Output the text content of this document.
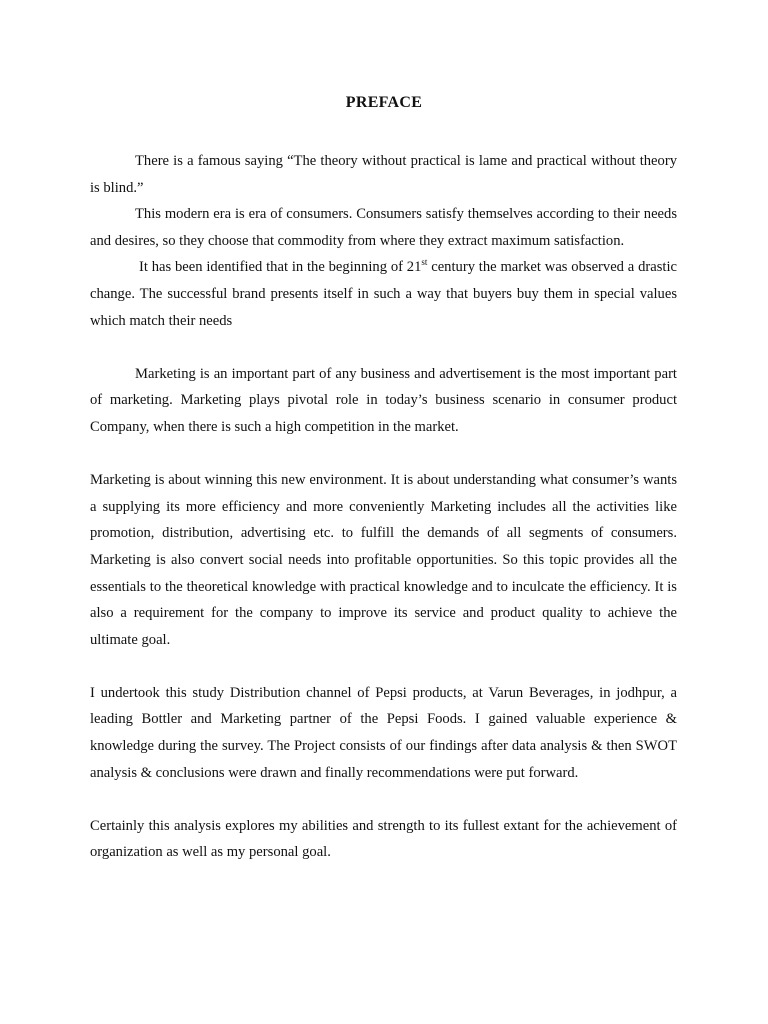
PREFACE

There is a famous saying “The theory without practical is lame and practical without theory is blind.”

This modern era is era of consumers. Consumers satisfy themselves according to their needs and desires, so they choose that commodity from where they extract maximum satisfaction.

It has been identified that in the beginning of 21st century the market was observed a drastic change. The successful brand presents itself in such a way that buyers buy them in special values which match their needs

Marketing is an important part of any business and advertisement is the most important part of marketing. Marketing plays pivotal role in today’s business scenario in consumer product Company, when there is such a high competition in the market.

Marketing is about winning this new environment. It is about understanding what consumer’s wants a supplying its more efficiency and more conveniently Marketing includes all the activities like promotion, distribution, advertising etc. to fulfill the demands of all segments of consumers. Marketing is also convert social needs into profitable opportunities. So this topic provides all the essentials to the theoretical knowledge with practical knowledge and to inculcate the efficiency. It is also a requirement for the company to improve its service and product quality to achieve the ultimate goal.

I undertook this study Distribution channel of Pepsi products, at Varun Beverages, in jodhpur, a leading Bottler and Marketing partner of the Pepsi Foods. I gained valuable experience & knowledge during the survey. The Project consists of our findings after data analysis & then SWOT analysis & conclusions were drawn and finally recommendations were put forward.

Certainly this analysis explores my abilities and strength to its fullest extant for the achievement of organization as well as my personal goal.
